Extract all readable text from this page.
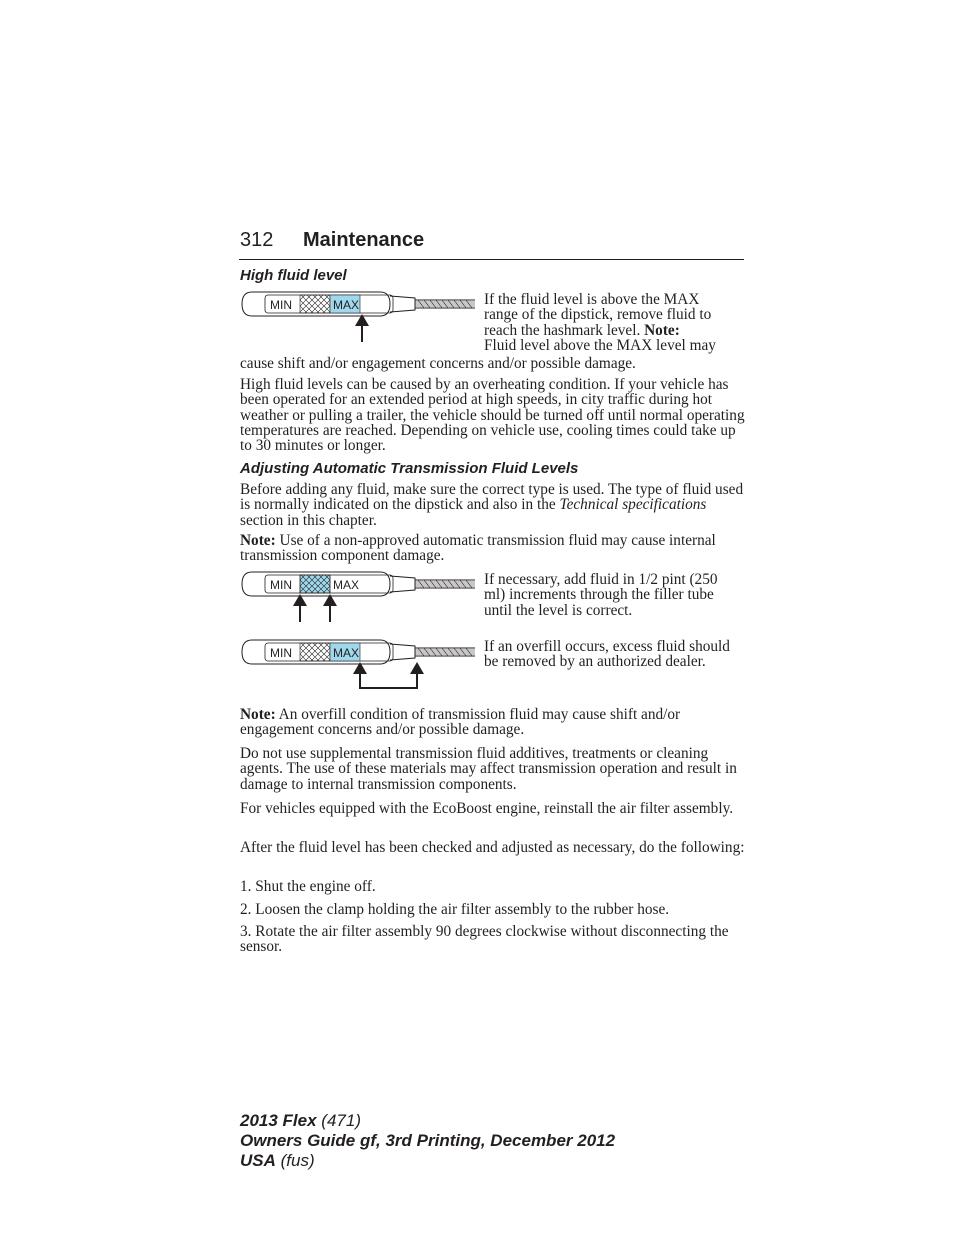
312 Maintenance
High fluid level
MIN	MAX	If the fluid level is above the MAX

range of the dipstick, remove fluid to

reach the hashmark level. Note:

Fluid level above the MAX level may

cause shift and/or engagement concerns and/or possible damage.
High fluid levels can be caused by an overheating condition. If your vehicle has been operated for an extended period at high speeds, in city traffic during hot weather or pulling a trailer, the vehicle should be turned off until normal operating temperatures are reached. Depending on vehicle use, cooling times could take up to 30 minutes or longer.
Adjusting Automatic Transmission Fluid Levels
Before adding any fluid, make sure the correct type is used. The type of fluid used is normally indicated on the dipstick and also in the Technical specifications section in this chapter.
Note: Use of a non-approved automatic transmission fluid may cause internal transmission component damage.
MIN	MAX	If necessary, add fluid in 1/2 pint (250 ml) increments through the filler tube until the level is correct.
MIN	MAX	If an overfill occurs, excess fluid should be removed by an authorized dealer.
Note: An overfill condition of transmission fluid may cause shift and/or engagement concerns and/or possible damage.
Do not use supplemental transmission fluid additives, treatments or cleaning agents. The use of these materials may affect transmission operation and result in damage to internal transmission components.
For vehicles equipped with the EcoBoost engine, reinstall the air filter assembly.
After the fluid level has been checked and adjusted as necessary, do the following:
1. Shut the engine off.
2. Loosen the clamp holding the air filter assembly to the rubber hose.
3. Rotate the air filter assembly 90 degrees clockwise without disconnecting the sensor.
2013 Flex (471)
Owners Guide gf, 3rd Printing, December 2012
USA (fus)
